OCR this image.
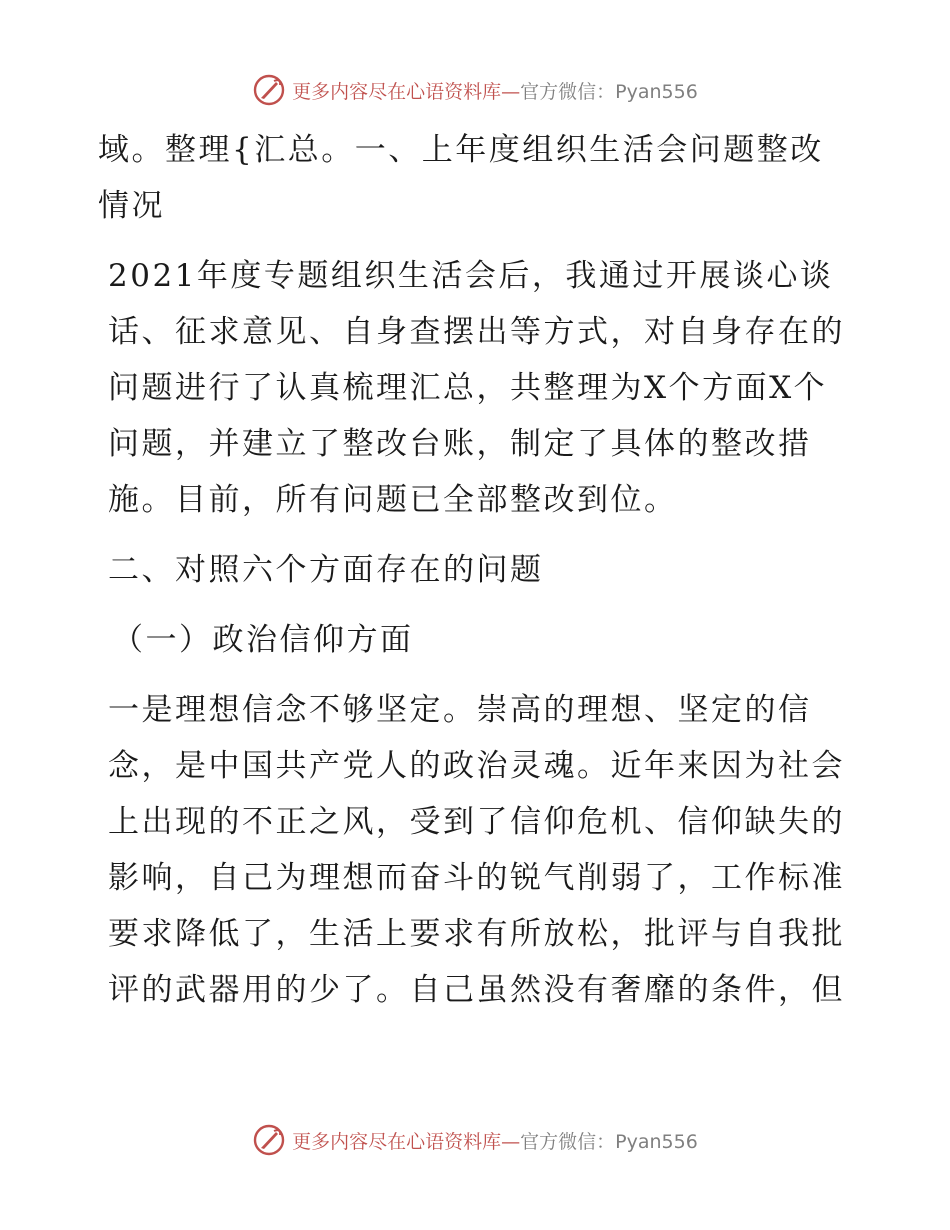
更多内容尽在心语资料库— 官方微信：Pyan556

域。整理{汇总。一、上年度组织生活会问题整改情况

2021年度专题组织生活会后，我通过开展谈心谈话、征求意见、自身查摆出等方式，对自身存在的问题进行了认真梳理汇总，共整理为X个方面X个问题，并建立了整改台账，制定了具体的整改措施。目前，所有问题已全部整改到位。

二、对照六个方面存在的问题

（一）政治信仰方面

一是理想信念不够坚定。崇高的理想、坚定的信念，是中国共产党人的政治灵魂。近年来因为社会上出现的不正之风，受到了信仰危机、信仰缺失的影响，自己为理想而奋斗的锐气削弱了，工作标准要求降低了，生活上要求有所放松，批评与自我批评的武器用的少了。自己虽然没有奢靡的条件，但

更多内容尽在心语资料库— 官方微信：Pyan556
